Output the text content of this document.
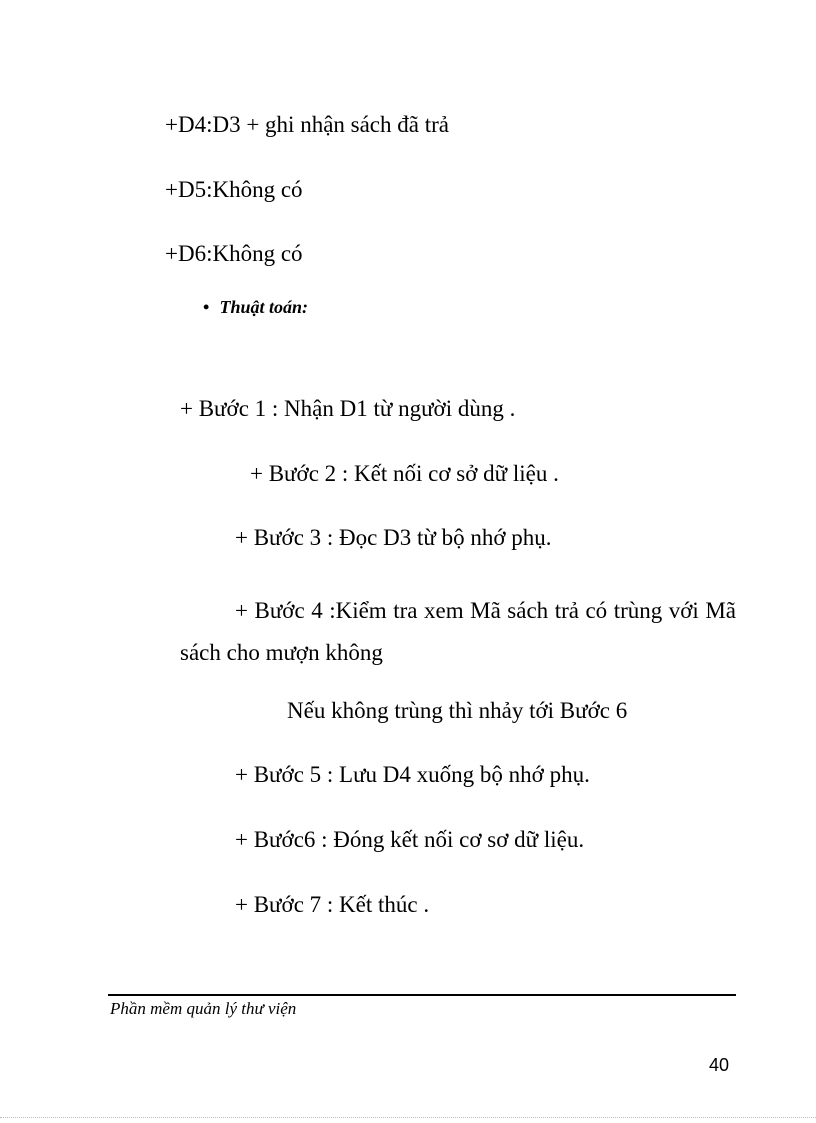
+D4:D3 + ghi nhận sách đã trả
+D5:Không có
+D6:Không có
• Thuật toán:
+ Bước 1 : Nhận D1 từ người dùng .
+ Bước 2 : Kết nối cơ sở dữ liệu .
+ Bước 3 : Đọc D3 từ bộ nhớ phụ.
+ Bước 4 :Kiểm tra xem Mã sách trả có trùng với Mã sách cho mượn không
Nếu không trùng thì nhảy tới Bước 6
+ Bước 5 : Lưu D4 xuống bộ nhớ phụ.
+ Bước6 : Đóng kết nối cơ sơ dữ liệu.
+ Bước 7 : Kết thúc .
Phần mềm quản lý thư viện
40
